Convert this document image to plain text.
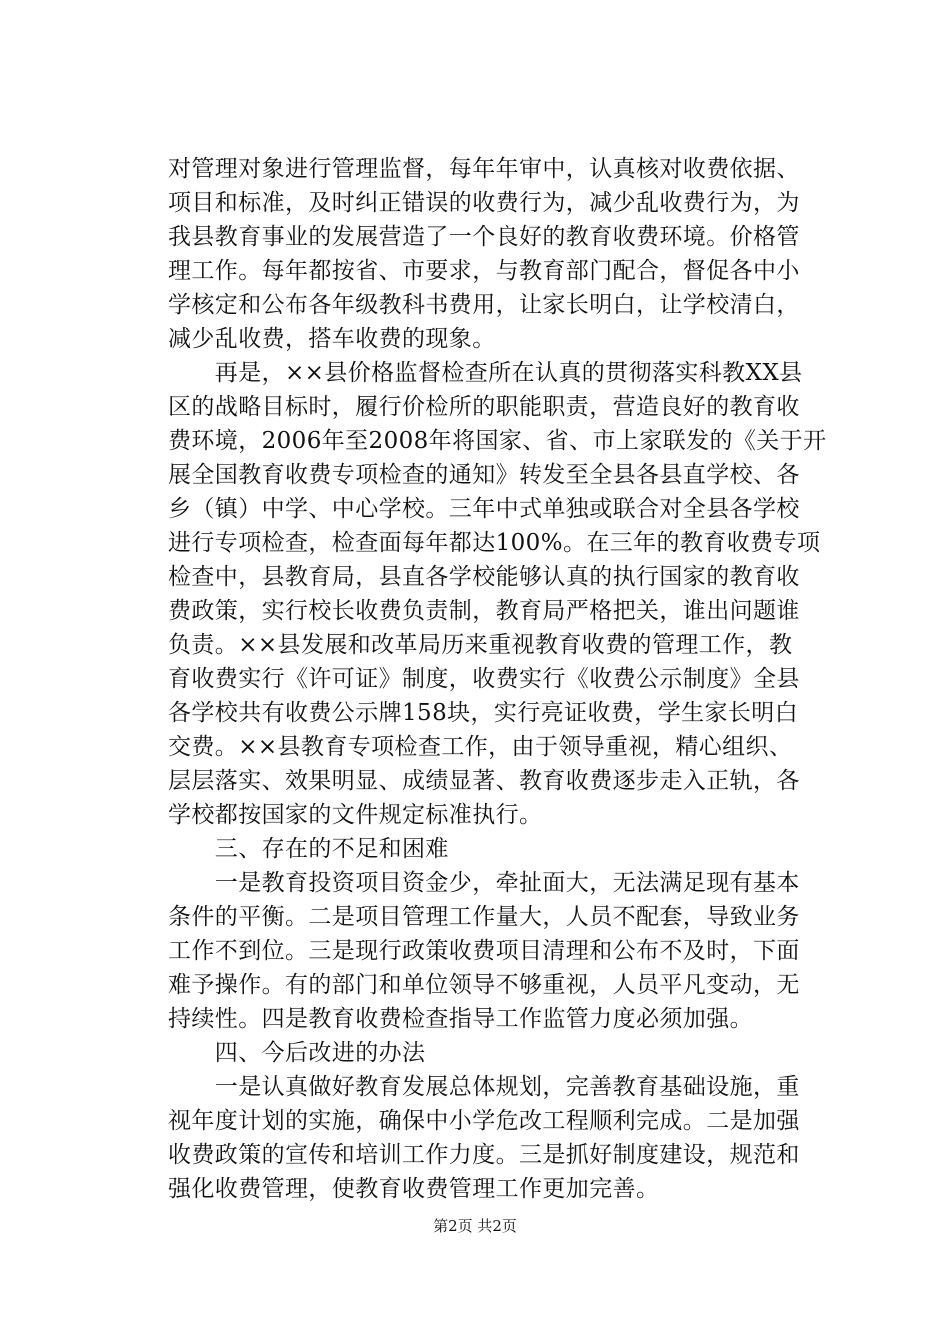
对管理对象进行管理监督，每年年审中，认真核对收费依据、
项目和标准，及时纠正错误的收费行为，减少乱收费行为，为
我县教育事业的发展营造了一个良好的教育收费环境。价格管
理工作。每年都按省、市要求，与教育部门配合，督促各中小
学核定和公布各年级教科书费用，让家长明白，让学校清白，
减少乱收费，搭车收费的现象。
　　再是，××县价格监督检查所在认真的贯彻落实科教XX县
区的战略目标时，履行价检所的职能职责，营造良好的教育收
费环境，2006年至2008年将国家、省、市上家联发的《关于开
展全国教育收费专项检查的通知》转发至全县各县直学校、各
乡（镇）中学、中心学校。三年中式单独或联合对全县各学校
进行专项检查，检查面每年都达100%。在三年的教育收费专项
检查中，县教育局，县直各学校能够认真的执行国家的教育收
费政策，实行校长收费负责制，教育局严格把关，谁出问题谁
负责。××县发展和改革局历来重视教育收费的管理工作，教
育收费实行《许可证》制度，收费实行《收费公示制度》全县
各学校共有收费公示牌158块，实行亮证收费，学生家长明白
交费。××县教育专项检查工作，由于领导重视，精心组织、
层层落实、效果明显、成绩显著、教育收费逐步走入正轨，各
学校都按国家的文件规定标准执行。
　　三、存在的不足和困难
　　一是教育投资项目资金少，牵扯面大，无法满足现有基本
条件的平衡。二是项目管理工作量大，人员不配套，导致业务
工作不到位。三是现行政策收费项目清理和公布不及时，下面
难予操作。有的部门和单位领导不够重视，人员平凡变动，无
持续性。四是教育收费检查指导工作监管力度必须加强。
　　四、今后改进的办法
　　一是认真做好教育发展总体规划，完善教育基础设施，重
视年度计划的实施，确保中小学危改工程顺利完成。二是加强
收费政策的宣传和培训工作力度。三是抓好制度建设，规范和
强化收费管理，使教育收费管理工作更加完善。
第2页 共2页
